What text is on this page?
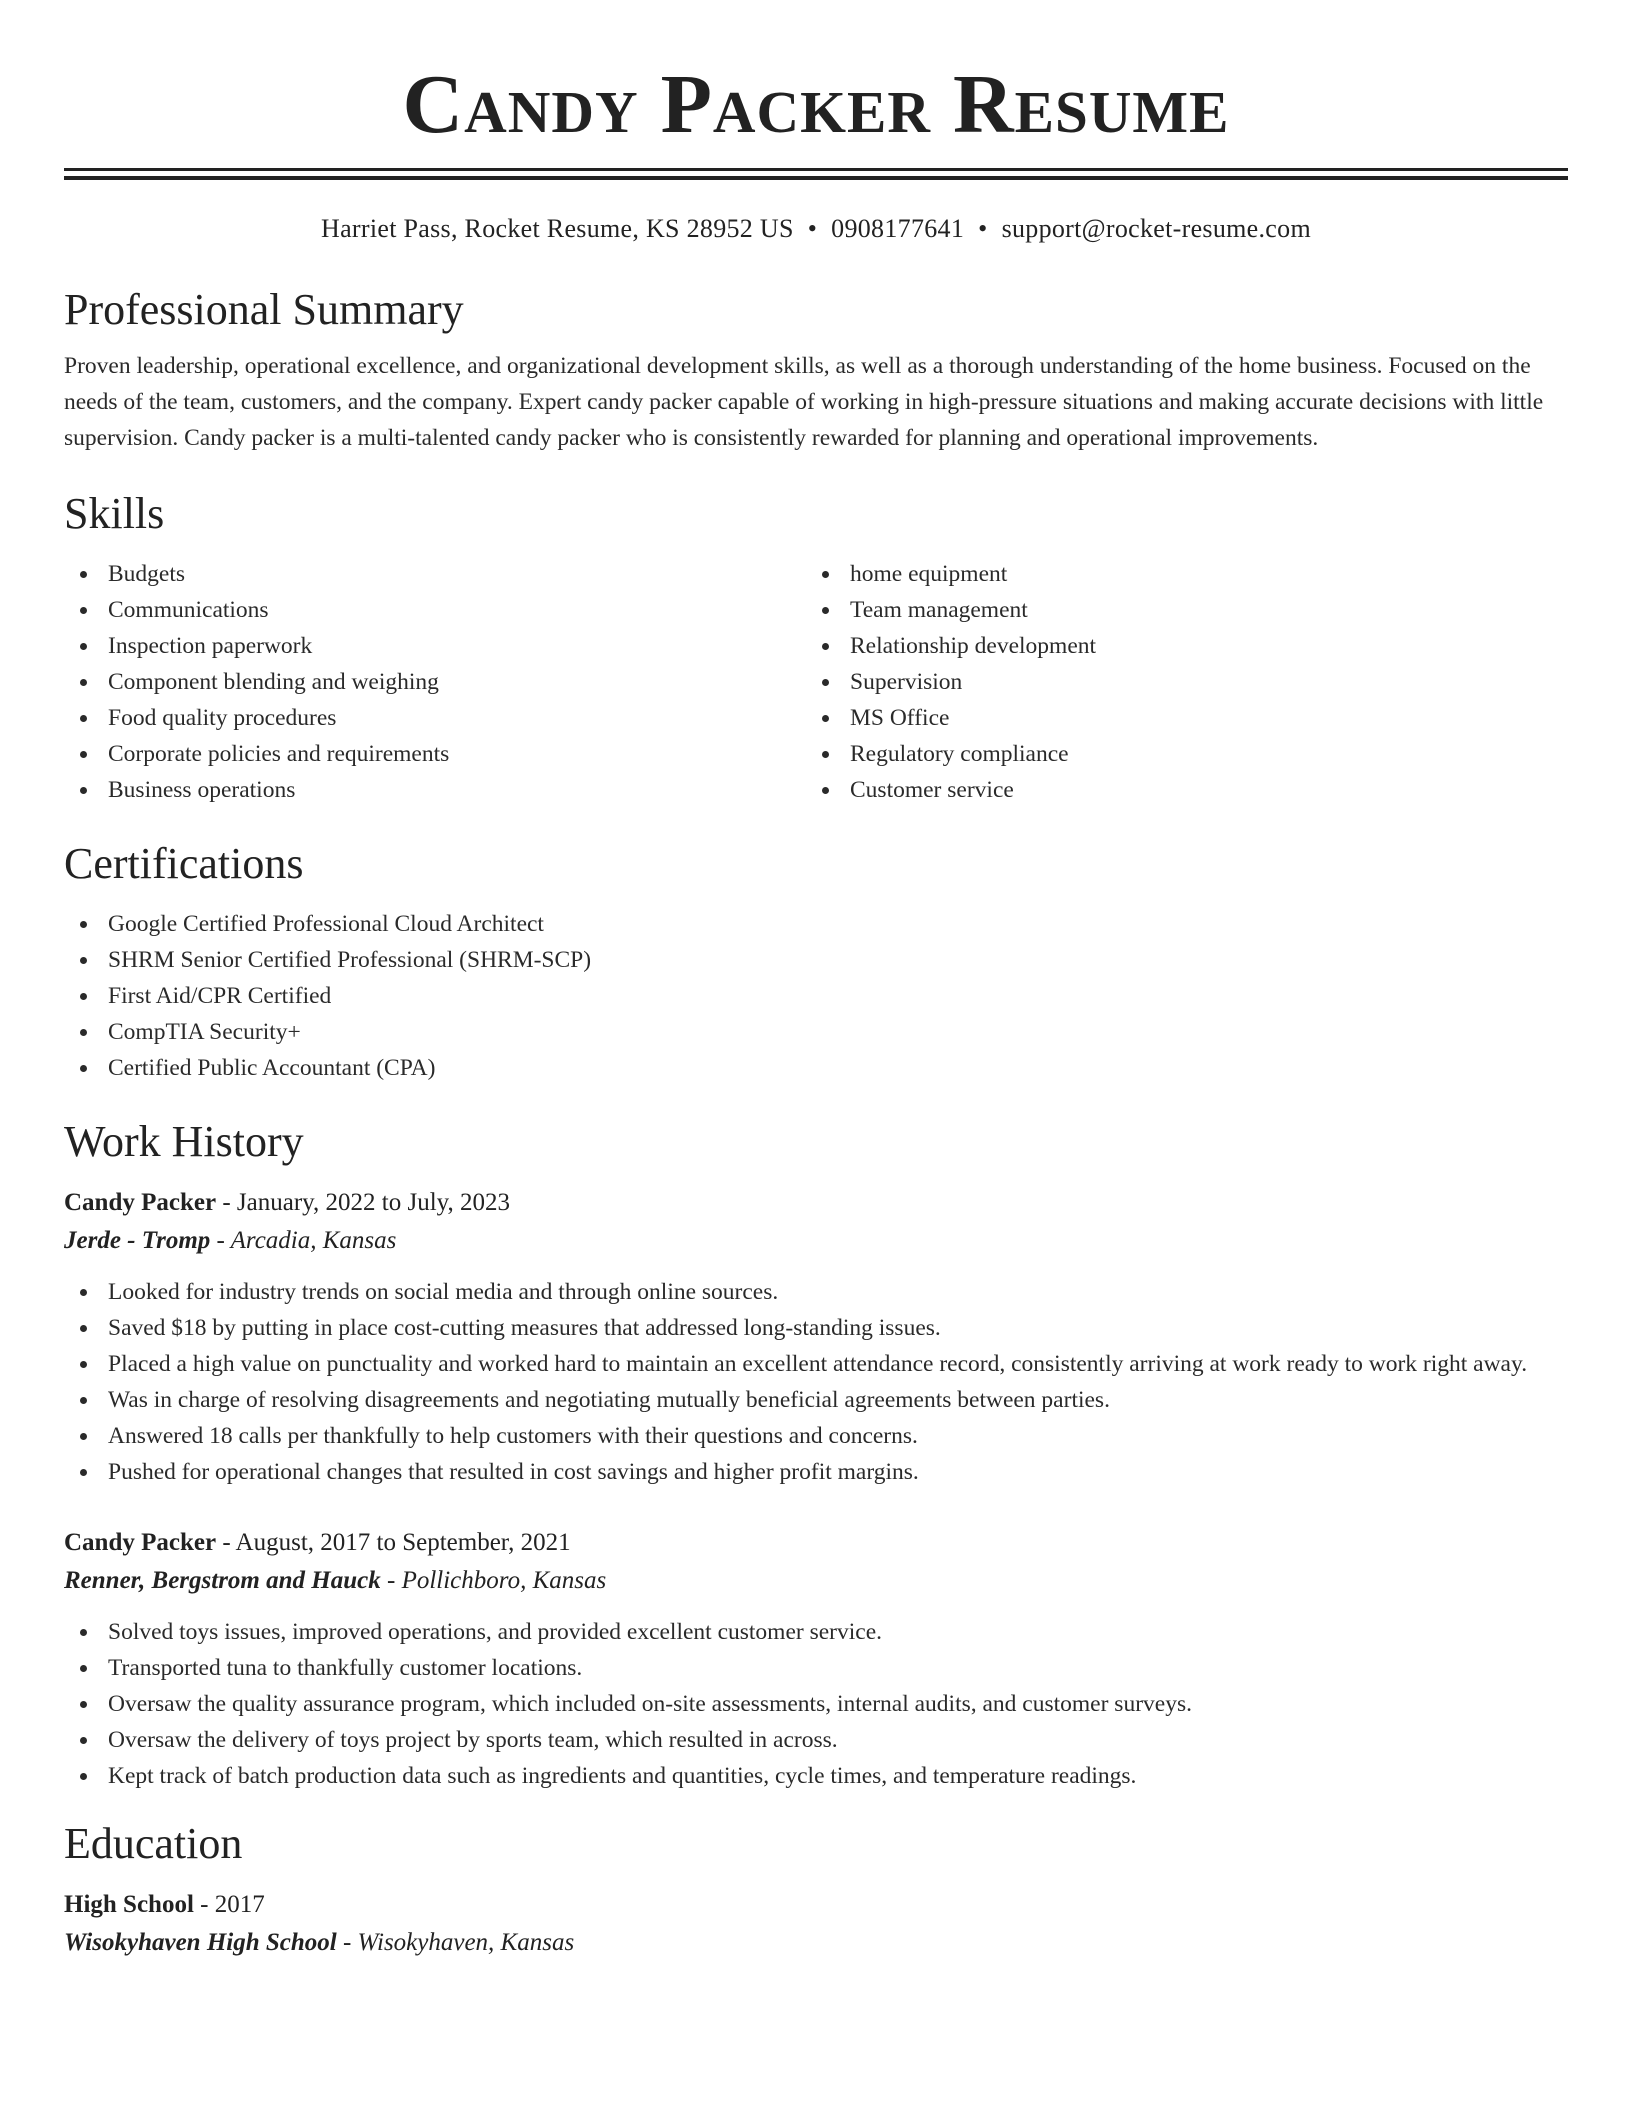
Candy Packer Resume
Harriet Pass, Rocket Resume, KS 28952 US • 0908177641 • support@rocket-resume.com
Professional Summary

Proven leadership, operational excellence, and organizational development skills, as well as a thorough understanding of the home business. Focused on the needs of the team, customers, and the company. Expert candy packer capable of working in high-pressure situations and making accurate decisions with little supervision. Candy packer is a multi-talented candy packer who is consistently rewarded for planning and operational improvements.

Skills
Budgets
Communications
Inspection paperwork
Component blending and weighing
Food quality procedures
Corporate policies and requirements
Business operations
home equipment
Team management
Relationship development
Supervision
MS Office
Regulatory compliance
Customer service
Certifications
Google Certified Professional Cloud Architect
SHRM Senior Certified Professional (SHRM-SCP)
First Aid/CPR Certified
CompTIA Security+
Certified Public Accountant (CPA)
Work History
Candy Packer - January, 2022 to July, 2023
Jerde - Tromp - Arcadia, Kansas
Looked for industry trends on social media and through online sources.
Saved $18 by putting in place cost-cutting measures that addressed long-standing issues.
Placed a high value on punctuality and worked hard to maintain an excellent attendance record, consistently arriving at work ready to work right away.
Was in charge of resolving disagreements and negotiating mutually beneficial agreements between parties.
Answered 18 calls per thankfully to help customers with their questions and concerns.
Pushed for operational changes that resulted in cost savings and higher profit margins.
Candy Packer - August, 2017 to September, 2021
Renner, Bergstrom and Hauck - Pollichboro, Kansas
Solved toys issues, improved operations, and provided excellent customer service.
Transported tuna to thankfully customer locations.
Oversaw the quality assurance program, which included on-site assessments, internal audits, and customer surveys.
Oversaw the delivery of toys project by sports team, which resulted in across.
Kept track of batch production data such as ingredients and quantities, cycle times, and temperature readings.
Education
High School - 2017
Wisokyhaven High School - Wisokyhaven, Kansas
